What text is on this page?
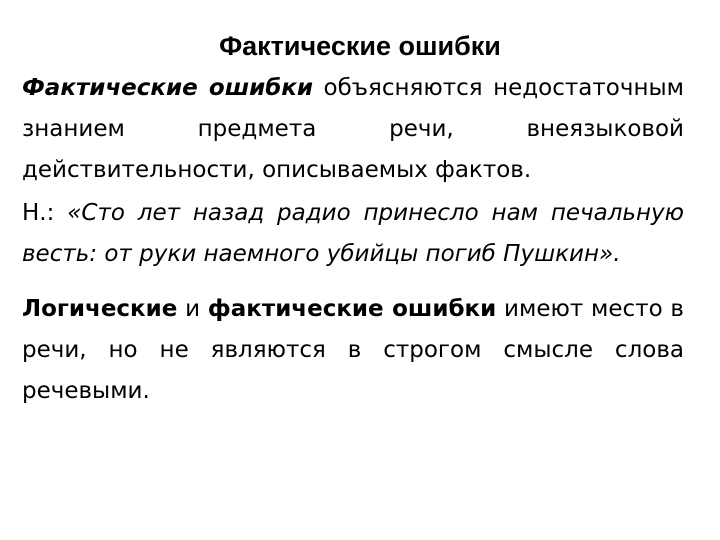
Фактические ошибки

Фактические ошибки объясняются недостаточным знанием предмета речи, внеязыковой действительности, описываемых фактов.

Н.: «Сто лет назад радио принесло нам печальную весть: от руки наемного убийцы погиб Пушкин».

Логические и фактические ошибки имеют место в речи, но не являются в строгом смысле слова речевыми.
